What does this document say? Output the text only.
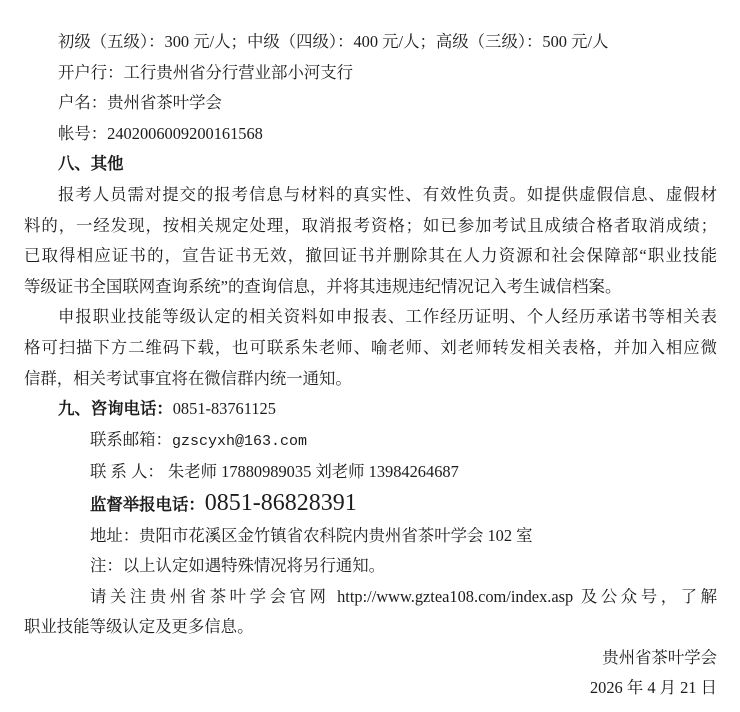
初级（五级）：300 元/人；中级（四级）：400 元/人；高级（三级）：500 元/人
开户行：工行贵州省分行营业部小河支行
户名：贵州省茶叶学会
帐号：2402006009200161568
八、其他
报考人员需对提交的报考信息与材料的真实性、有效性负责。如提供虚假信息、虚假材
料的，一经发现，按相关规定处理，取消报考资格；如已参加考试且成绩合格者取消成绩；
已取得相应证书的，宣告证书无效，撤回证书并删除其在人力资源和社会保障部“职业技能
等级证书全国联网查询系统”的查询信息，并将其违规违纪情况记入考生诚信档案。
申报职业技能等级认定的相关资料如申报表、工作经历证明、个人经历承诺书等相关表
格可扫描下方二维码下载，也可联系朱老师、喻老师、刘老师转发相关表格，并加入相应微
信群，相关考试事宜将在微信群内统一通知。
九、咨询电话：0851-83761125
联系邮箱：gzscyxh@163.com
联 系 人： 朱老师 17880989035 刘老师 13984264687
监督举报电话：0851-86828391
地址：贵阳市花溪区金竹镇省农科院内贵州省茶叶学会 102 室
注：以上认定如遇特殊情况将另行通知。
请关注贵州省茶叶学会官网 http://www.gztea108.com/index.asp 及公众号，了解
职业技能等级认定及更多信息。
贵州省茶叶学会
2026 年 4 月 21 日
